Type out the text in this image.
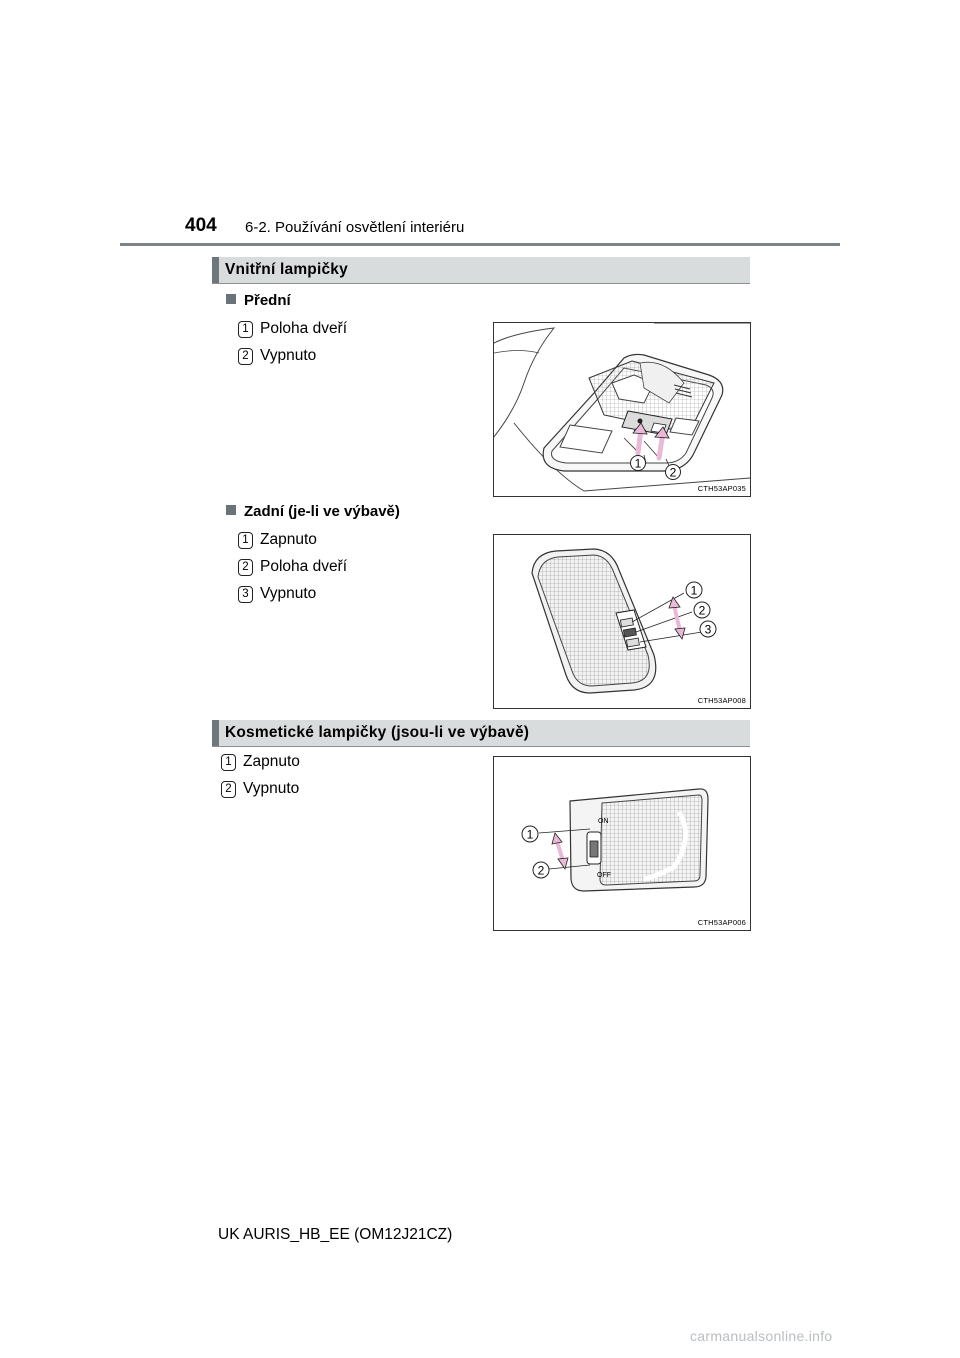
404 6-2. Používání osvětlení interiéru
Vnitřní lampičky
Přední
1 Poloha dveří
2 Vypnuto
1
2
CTH53AP035
Zadní (je-li ve výbavě)
1 Zapnuto
2 Poloha dveří
3 Vypnuto	1
2
3
CTH53AP008
Kosmetické lampičky (jsou-li ve výbavě)
1 Zapnuto
2 Vypnuto
ON
OFF
1
2
CTH53AP006
UK AURIS_HB_EE (OM12J21CZ)
carmanualsonline.info
